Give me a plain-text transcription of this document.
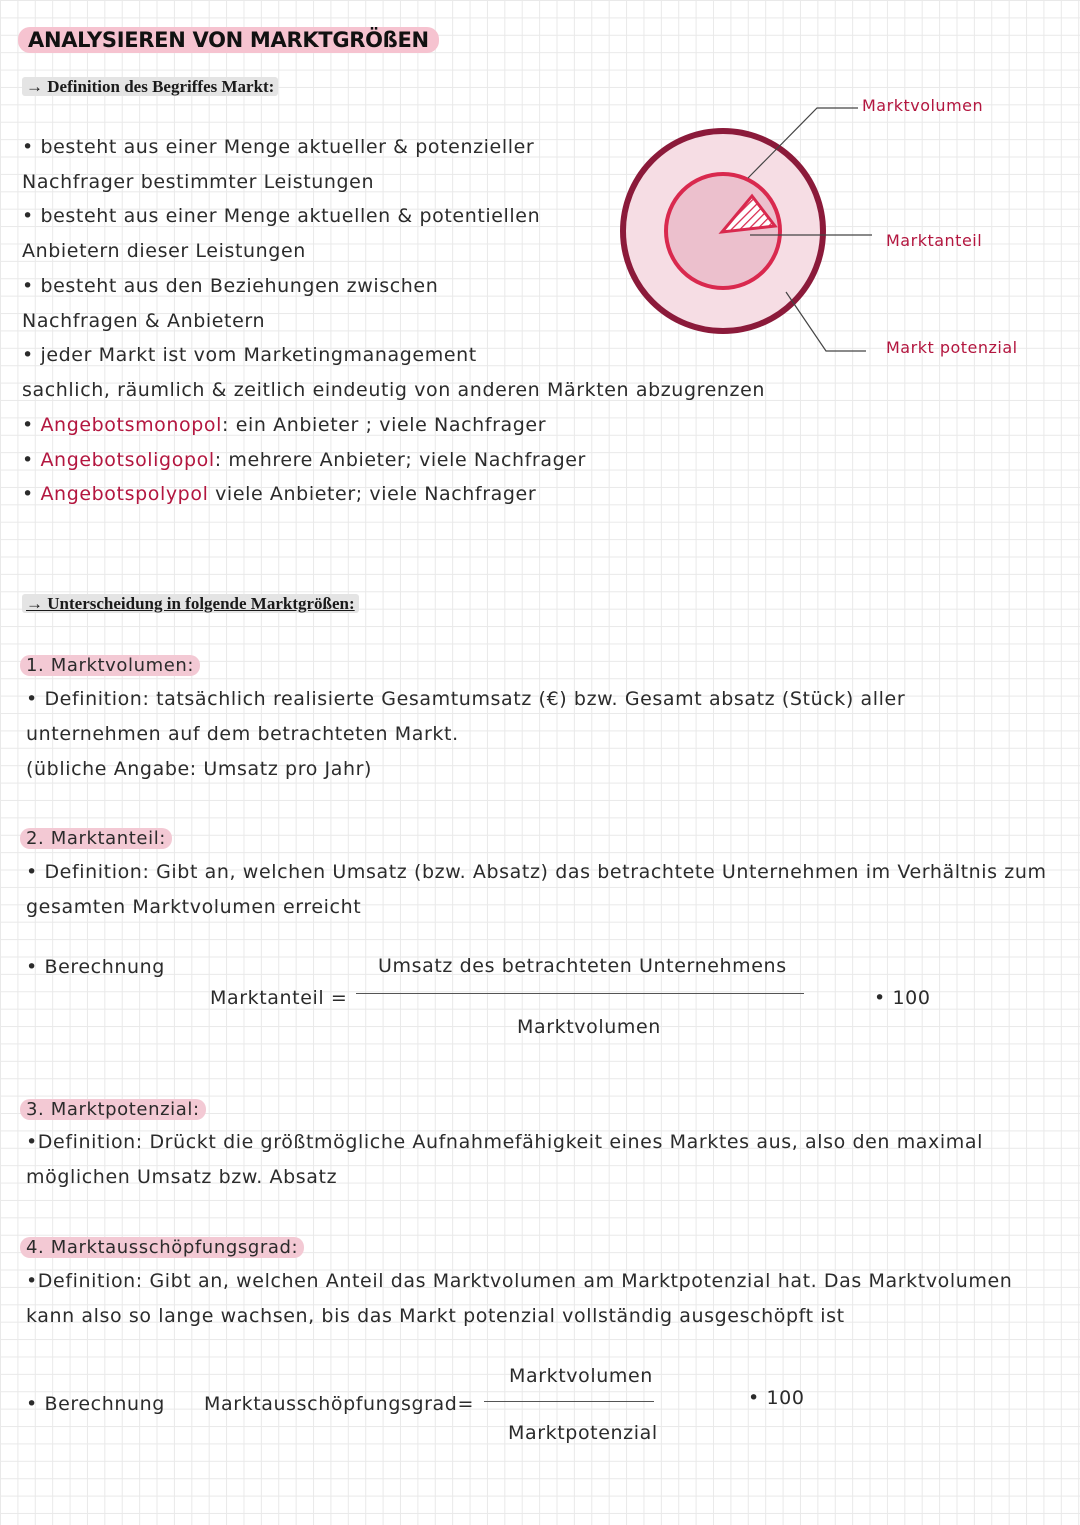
ANALYSIEREN VON MARKTGRÖßEN
→ Definition des Begriffes Markt:
• besteht aus einer Menge aktueller & potenzieller
Nachfrager bestimmter Leistungen
• besteht aus einer Menge aktuellen & potentiellen
Anbietern dieser Leistungen
• besteht aus den Beziehungen zwischen
Nachfragen & Anbietern
• jeder Markt ist vom Marketingmanagement
sachlich, räumlich & zeitlich eindeutig von anderen Märkten abzugrenzen
• Angebotsmonopol: ein Anbieter ; viele Nachfrager
• Angebotsoligopol: mehrere Anbieter; viele Nachfrager
• Angebotspolypol viele Anbieter; viele Nachfrager
Marktvolumen
Marktanteil
Markt potenzial
→ Unterscheidung in folgende Marktgrößen:
1. Marktvolumen:
• Definition: tatsächlich realisierte Gesamtumsatz (€) bzw. Gesamt absatz (Stück) aller
unternehmen auf dem betrachteten Markt.
(übliche Angabe: Umsatz pro Jahr)
2. Marktanteil:
• Definition: Gibt an, welchen Umsatz (bzw. Absatz) das betrachtete Unternehmen im Verhältnis zum
gesamten Marktvolumen erreicht
• Berechnung
Marktanteil =
Umsatz des betrachteten Unternehmens
Marktvolumen
• 100
3. Marktpotenzial:
•Definition: Drückt die größtmögliche Aufnahmefähigkeit eines Marktes aus, also den maximal
möglichen Umsatz bzw. Absatz
4. Marktausschöpfungsgrad:
•Definition: Gibt an, welchen Anteil das Marktvolumen am Marktpotenzial hat. Das Marktvolumen
kann also so lange wachsen, bis das Markt potenzial vollständig ausgeschöpft ist
• Berechnung Marktausschöpfungsgrad=
Marktvolumen
Marktpotenzial
• 100
